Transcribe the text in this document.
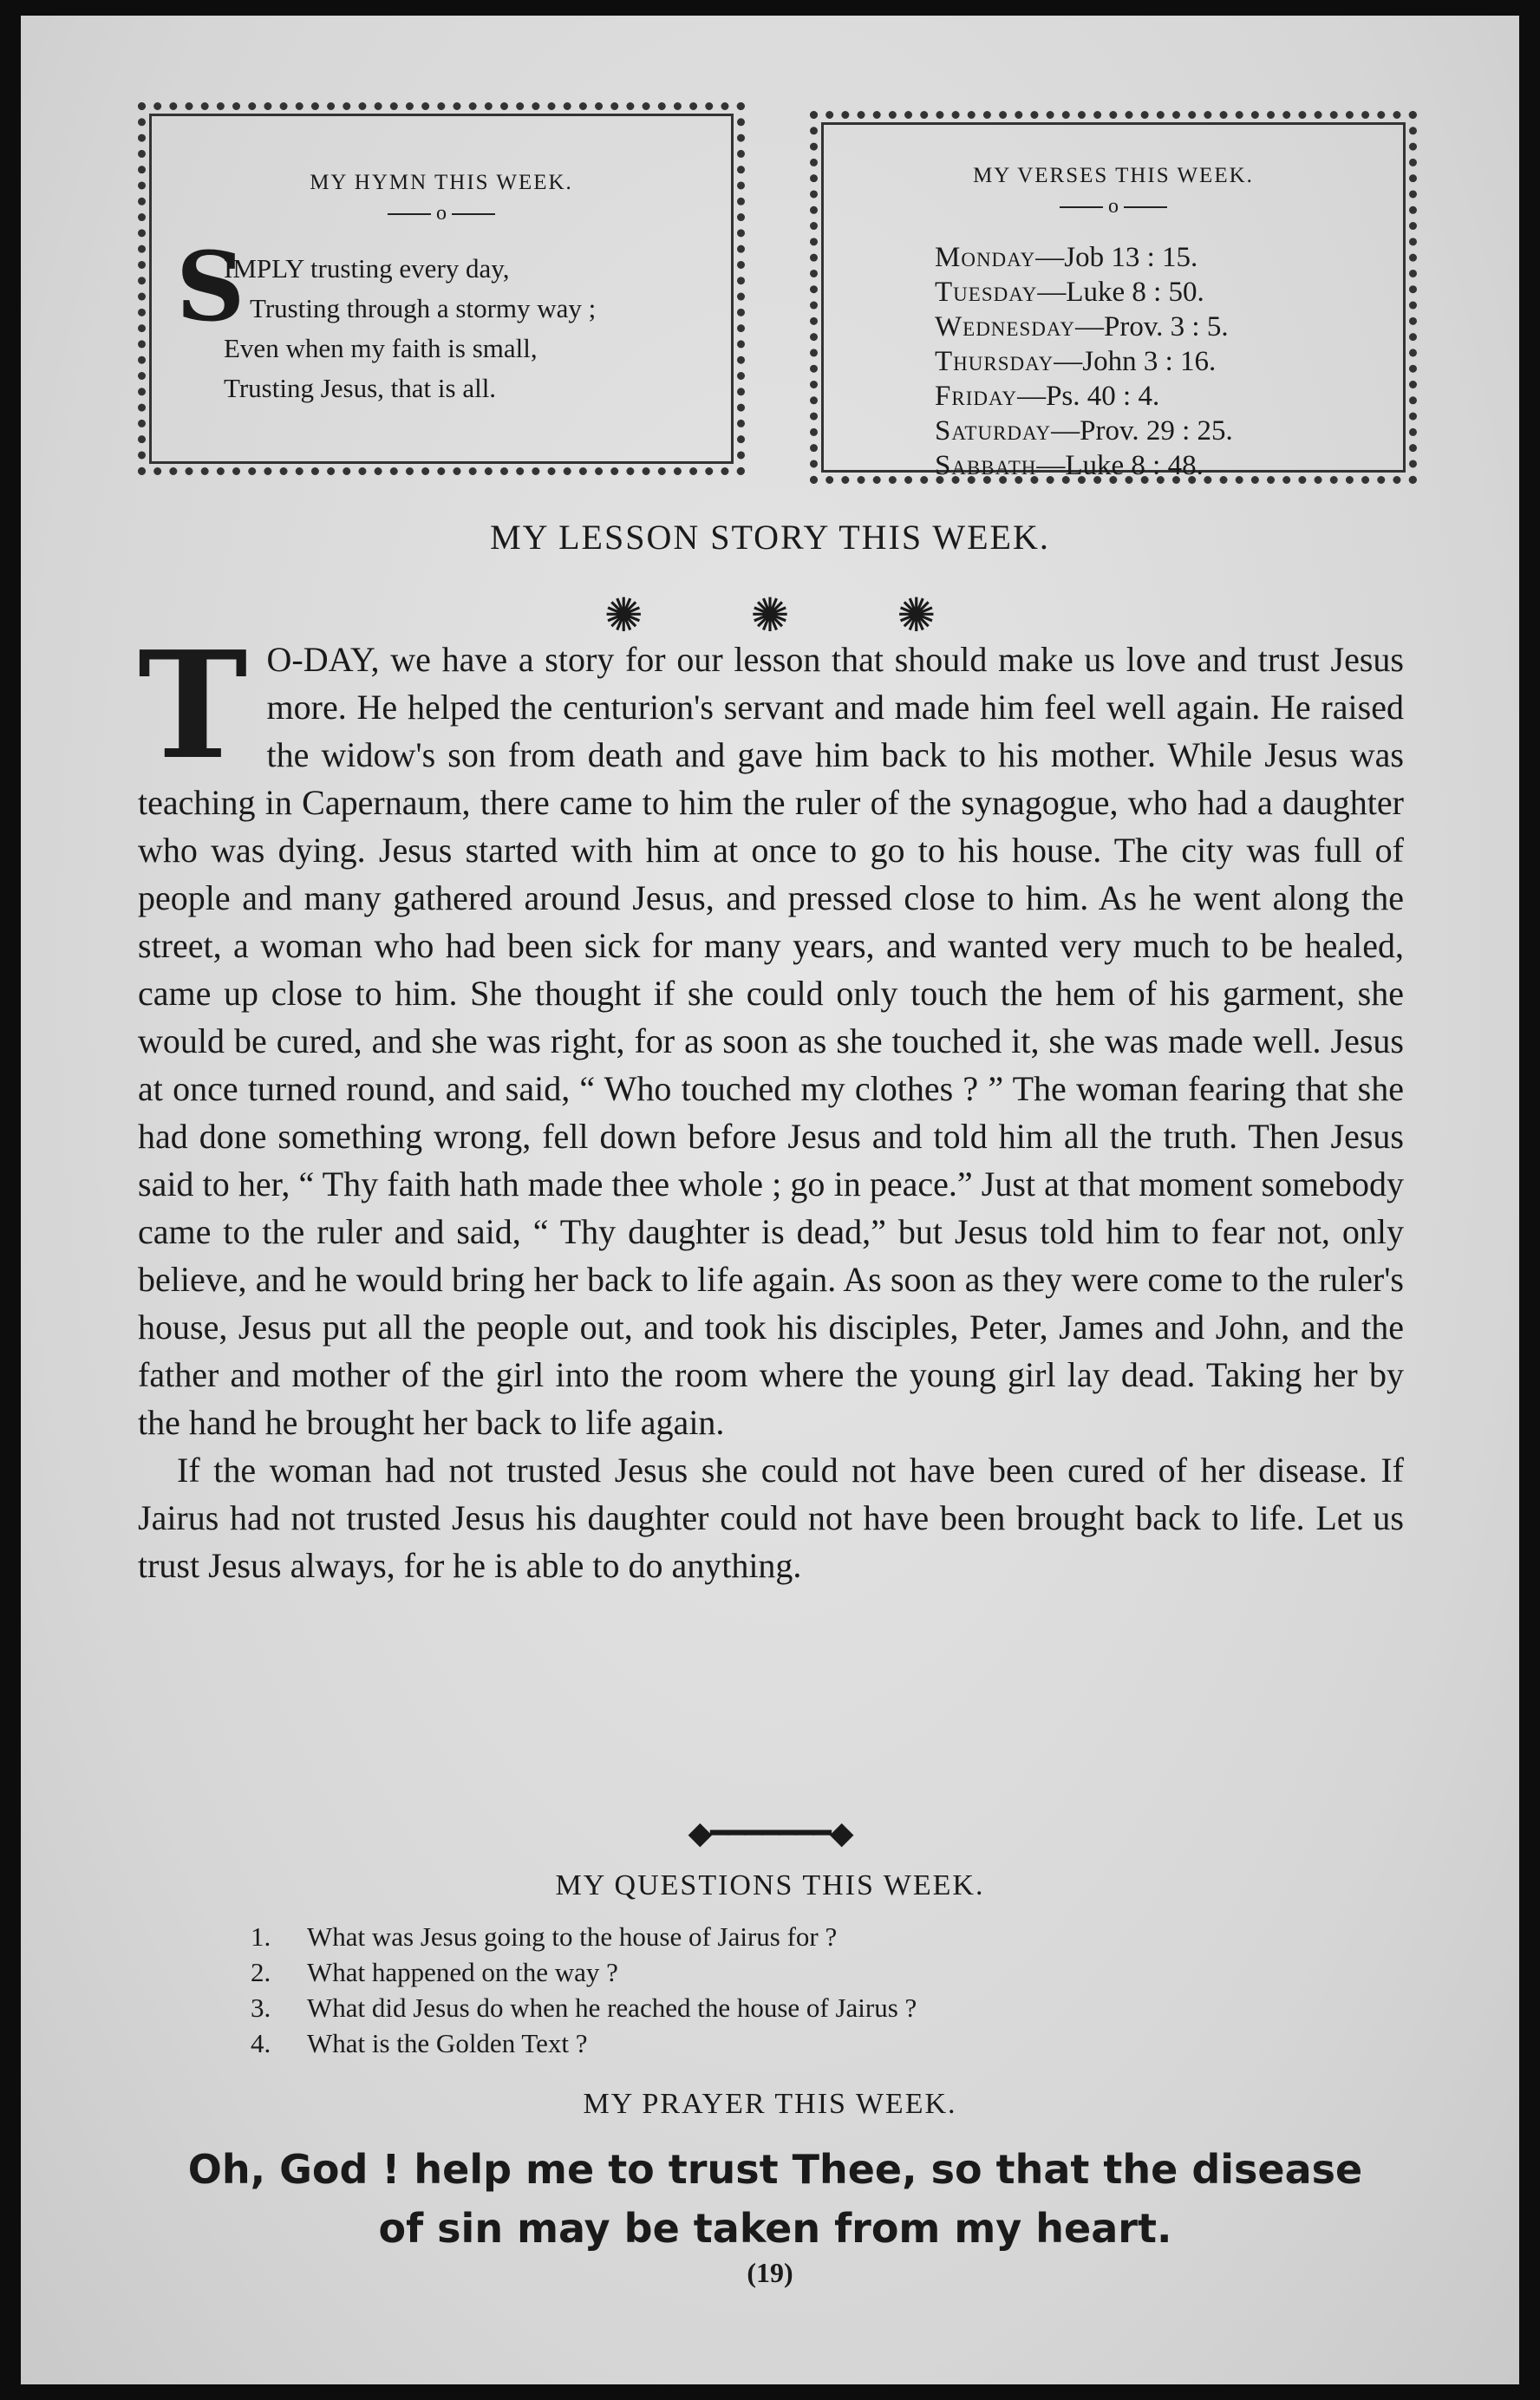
MY HYMN THIS WEEK.
o
S
IMPLY trusting every day,
Trusting through a stormy way ;
Even when my faith is small,
Trusting Jesus, that is all.
MY VERSES THIS WEEK.
o
Monday—Job 13 : 15.
Tuesday—Luke 8 : 50.
Wednesday—Prov. 3 : 5.
Thursday—John 3 : 16.
Friday—Ps. 40 : 4.
Saturday—Prov. 29 : 25.
Sabbath—Luke 8 : 48.
MY LESSON STORY THIS WEEK.
✺ ✺ ✺

T O-DAY, we have a story for our lesson that should make us love and trust Jesus more. He helped the centurion's servant and made him feel well again. He raised the widow's son from death and gave him back to his mother. While Jesus was teaching in Capernaum, there came to him the ruler of the synagogue, who had a daughter who was dying. Jesus started with him at once to go to his house. The city was full of people and many gathered around Jesus, and pressed close to him. As he went along the street, a woman who had been sick for many years, and wanted very much to be healed, came up close to him. She thought if she could only touch the hem of his garment, she would be cured, and she was right, for as soon as she touched it, she was made well. Jesus at once turned round, and said, “ Who touched my clothes ? ” The woman fearing that she had done something wrong, fell down before Jesus and told him all the truth. Then Jesus said to her, “ Thy faith hath made thee whole ; go in peace.” Just at that moment somebody came to the ruler and said, “ Thy daughter is dead,” but Jesus told him to fear not, only believe, and he would bring her back to life again. As soon as they were come to the ruler's house, Jesus put all the people out, and took his disciples, Peter, James and John, and the father and mother of the girl into the room where the young girl lay dead. Taking her by the hand he brought her back to life again.

If the woman had not trusted Jesus she could not have been cured of her disease. If Jairus had not trusted Jesus his daughter could not have been brought back to life. Let us trust Jesus always, for he is able to do anything.

◆━━━━━━━◆
MY QUESTIONS THIS WEEK.
1.	What was Jesus going to the house of Jairus for ?
2.	What happened on the way ?
3.	What did Jesus do when he reached the house of Jairus ?
4.	What is the Golden Text ?
MY PRAYER THIS WEEK.
Oh, God ! help me to trust Thee, so that the disease of sin may be taken from my heart.
(19)
